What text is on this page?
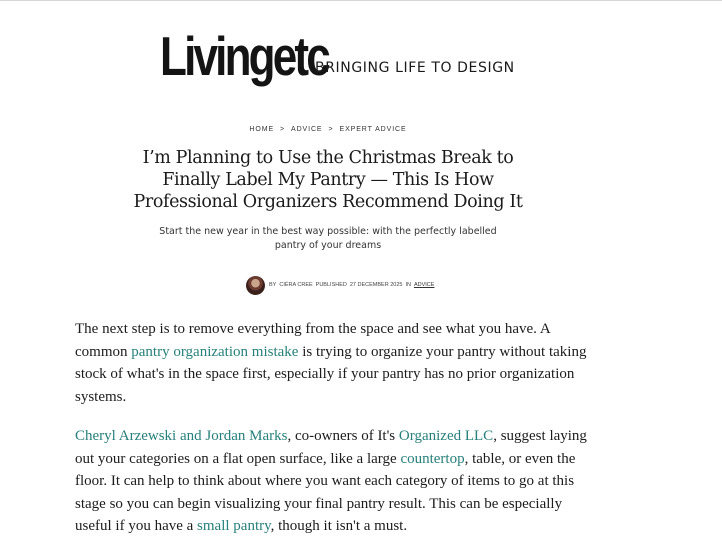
Livingetc
BRINGING LIFE TO DESIGN
HOME > ADVICE > EXPERT ADVICE
I’m Planning to Use the Christmas Break to Finally Label My Pantry — This Is How Professional Organizers Recommend Doing It
Start the new year in the best way possible: with the perfectly labelled pantry of your dreams
BY CIÉRA CREE PUBLISHED 27 DECEMBER 2025 IN ADVICE

The next step is to remove everything from the space and see what you have. A common pantry organization mistake is trying to organize your pantry without taking stock of what's in the space first, especially if your pantry has no prior organization systems.

Cheryl Arzewski and Jordan Marks, co-owners of It's Organized LLC, suggest laying out your categories on a flat open surface, like a large countertop, table, or even the floor. It can help to think about where you want each category of items to go at this stage so you can begin visualizing your final pantry result. This can be especially useful if you have a small pantry, though it isn't a must.
